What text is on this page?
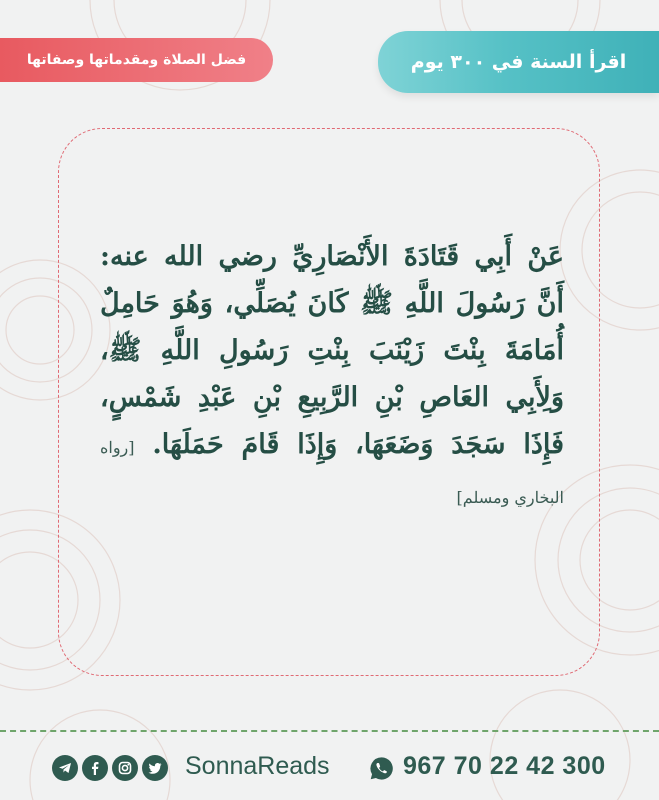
اقرأ السنة في ٣٠٠ يوم
فضل الصلاة ومقدماتها وصفاتها
عَنْ أَبِي قَتَادَةَ الأَنْصَارِيِّ رضي الله عنه: أَنَّ رَسُولَ اللَّهِ ﷺ كَانَ يُصَلِّي، وَهُوَ حَامِلٌ أُمَامَةَ بِنْتَ زَيْنَبَ بِنْتِ رَسُولِ اللَّهِ ﷺ، وَلِأَبِي العَاصِ بْنِ الرَّبِيعِ بْنِ عَبْدِ شَمْسٍ، فَإِذَا سَجَدَ وَضَعَهَا، وَإِذَا قَامَ حَمَلَهَا. [رواه البخاري ومسلم]
SonnaReads	967 70 22 42 300
